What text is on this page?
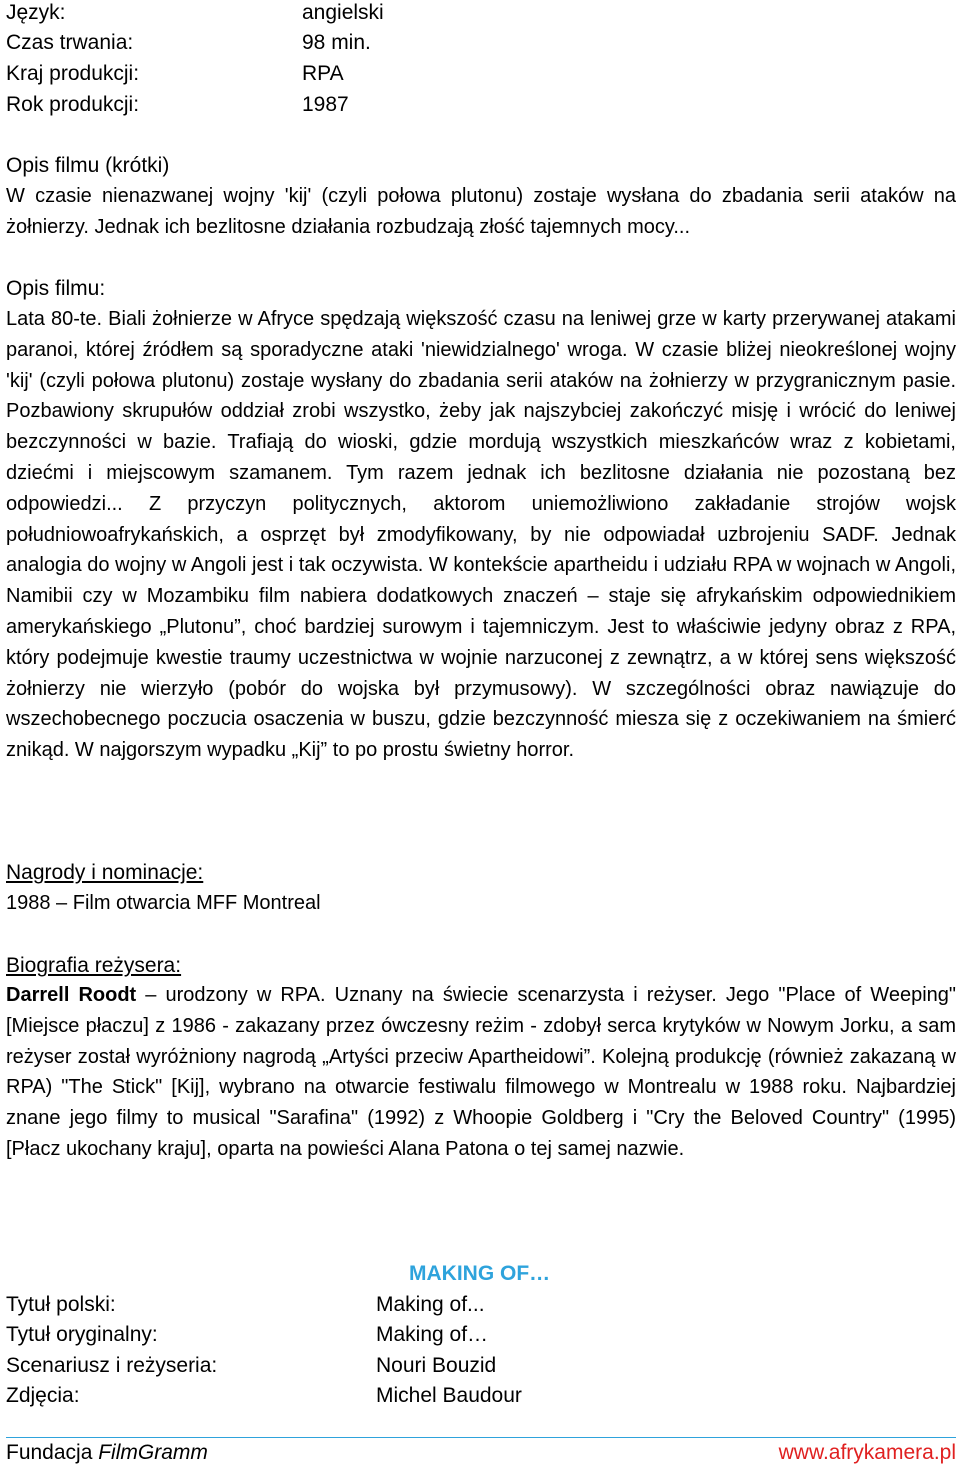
Język:	angielski
Czas trwania:	98 min.
Kraj produkcji:	RPA
Rok produkcji:	1987
Opis filmu (krótki)
W czasie nienazwanej wojny 'kij' (czyli połowa plutonu) zostaje wysłana do zbadania serii ataków na żołnierzy. Jednak ich bezlitosne działania rozbudzają złość tajemnych mocy...
Opis filmu:
Lata 80-te. Biali żołnierze w Afryce spędzają większość czasu na leniwej grze w karty przerywanej atakami paranoi, której źródłem są sporadyczne ataki 'niewidzialnego' wroga. W czasie bliżej nieokreślonej wojny 'kij' (czyli połowa plutonu) zostaje wysłany do zbadania serii ataków na żołnierzy w przygranicznym pasie. Pozbawiony skrupułów oddział zrobi wszystko, żeby jak najszybciej zakończyć misję i wrócić do leniwej bezczynności w bazie. Trafiają do wioski, gdzie mordują wszystkich mieszkańców wraz z kobietami, dziećmi i miejscowym szamanem. Tym razem jednak ich bezlitosne działania nie pozostaną bez odpowiedzi... Z przyczyn politycznych, aktorom uniemożliwiono zakładanie strojów wojsk południowoafrykańskich, a osprzęt był zmodyfikowany, by nie odpowiadał uzbrojeniu SADF. Jednak analogia do wojny w Angoli jest i tak oczywista. W kontekście apartheidu i udziału RPA w wojnach w Angoli, Namibii czy w Mozambiku film nabiera dodatkowych znaczeń – staje się afrykańskim odpowiednikiem amerykańskiego „Plutonu”, choć bardziej surowym i tajemniczym. Jest to właściwie jedyny obraz z RPA, który podejmuje kwestie traumy uczestnictwa w wojnie narzuconej z zewnątrz, a w której sens większość żołnierzy nie wierzyło (pobór do wojska był przymusowy). W szczególności obraz nawiązuje do wszechobecnego poczucia osaczenia w buszu, gdzie bezczynność miesza się z oczekiwaniem na śmierć znikąd. W najgorszym wypadku „Kij” to po prostu świetny horror.
Nagrody i nominacje:
1988 – Film otwarcia MFF Montreal
Biografia reżysera:
Darrell Roodt – urodzony w RPA. Uznany na świecie scenarzysta i reżyser. Jego "Place of Weeping" [Miejsce płaczu] z 1986 - zakazany przez ówczesny reżim - zdobył serca krytyków w Nowym Jorku, a sam reżyser został wyróżniony nagrodą „Artyści przeciw Apartheidowi”. Kolejną produkcję (również zakazaną w RPA) "The Stick" [Kij], wybrano na otwarcie festiwalu filmowego w Montrealu w 1988 roku. Najbardziej znane jego filmy to musical "Sarafina" (1992) z Whoopie Goldberg i "Cry the Beloved Country" (1995) [Płacz ukochany kraju], oparta na powieści Alana Patona o tej samej nazwie.
MAKING OF…
Tytuł polski:	Making of...
Tytuł oryginalny:	Making of…
Scenariusz i reżyseria:	Nouri Bouzid
Zdjęcia:	Michel Baudour
Fundacja FilmGramm	www.afrykamera.pl
